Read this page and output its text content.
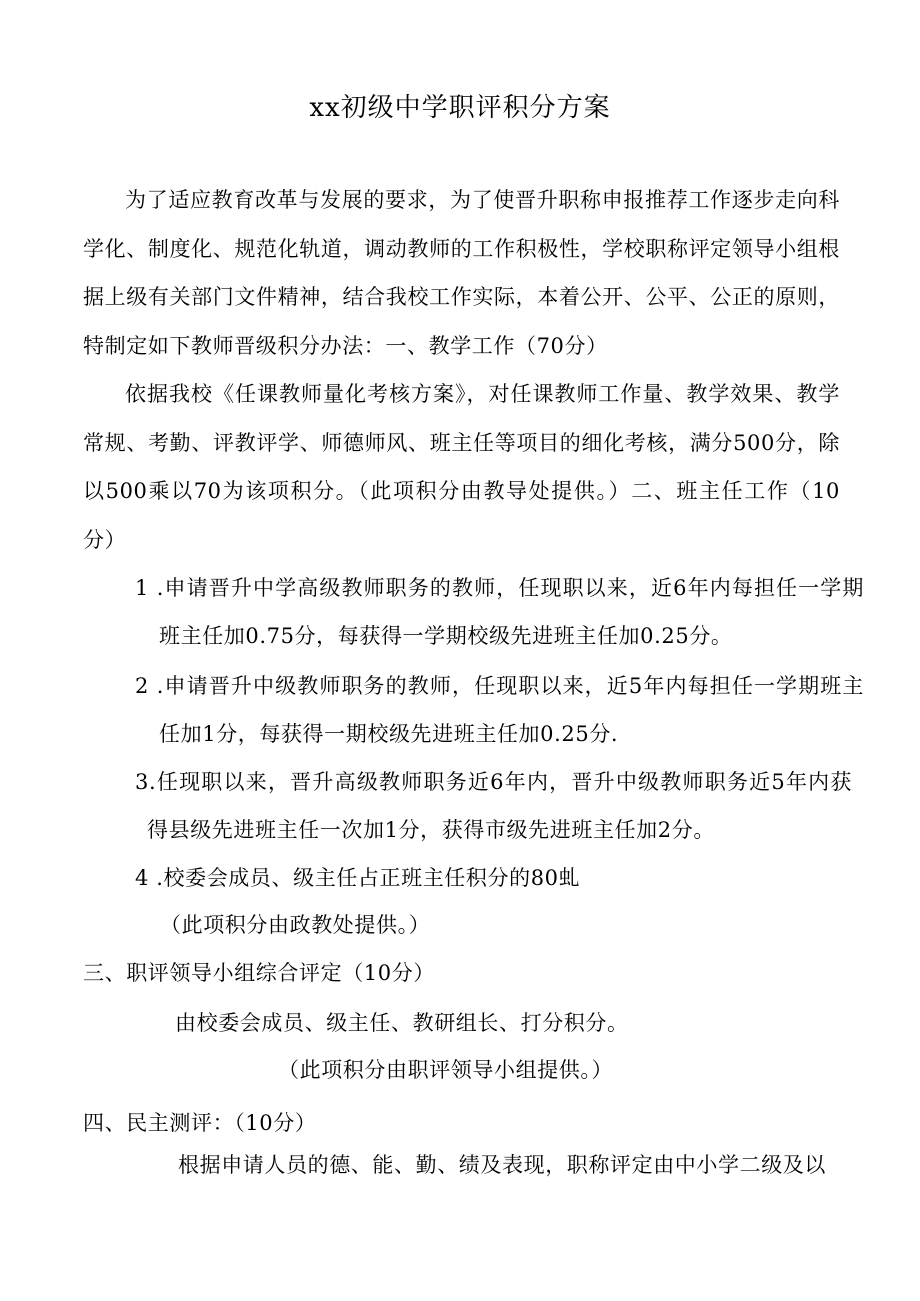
xx初级中学职评积分方案
为了适应教育改革与发展的要求，为了使晋升职称申报推荐工作逐步走向科学化、制度化、规范化轨道，调动教师的工作积极性，学校职称评定领导小组根据上级有关部门文件精神，结合我校工作实际，本着公开、公平、公正的原则，特制定如下教师晋级积分办法：一、教学工作（70分）
依据我校《任课教师量化考核方案》，对任课教师工作量、教学效果、教学常规、考勤、评教评学、师德师风、班主任等项目的细化考核，满分500分，除以500乘以70为该项积分。（此项积分由教导处提供。）二、班主任工作（10分）
1 .申请晋升中学高级教师职务的教师，任现职以来，近6年内每担任一学期班主任加0.75分，每获得一学期校级先进班主任加0.25分。
2 .申请晋升中级教师职务的教师，任现职以来，近5年内每担任一学期班主任加1分，每获得一期校级先进班主任加0.25分.
3.任现职以来，晋升高级教师职务近6年内，晋升中级教师职务近5年内获得县级先进班主任一次加1分，获得市级先进班主任加2分。
4 .校委会成员、级主任占正班主任积分的80虬
（此项积分由政教处提供。）
三、职评领导小组综合评定（10分）
由校委会成员、级主任、教研组长、打分积分。
（此项积分由职评领导小组提供。）
四、民主测评：（10分）
根据申请人员的德、能、勤、绩及表现，职称评定由中小学二级及以
